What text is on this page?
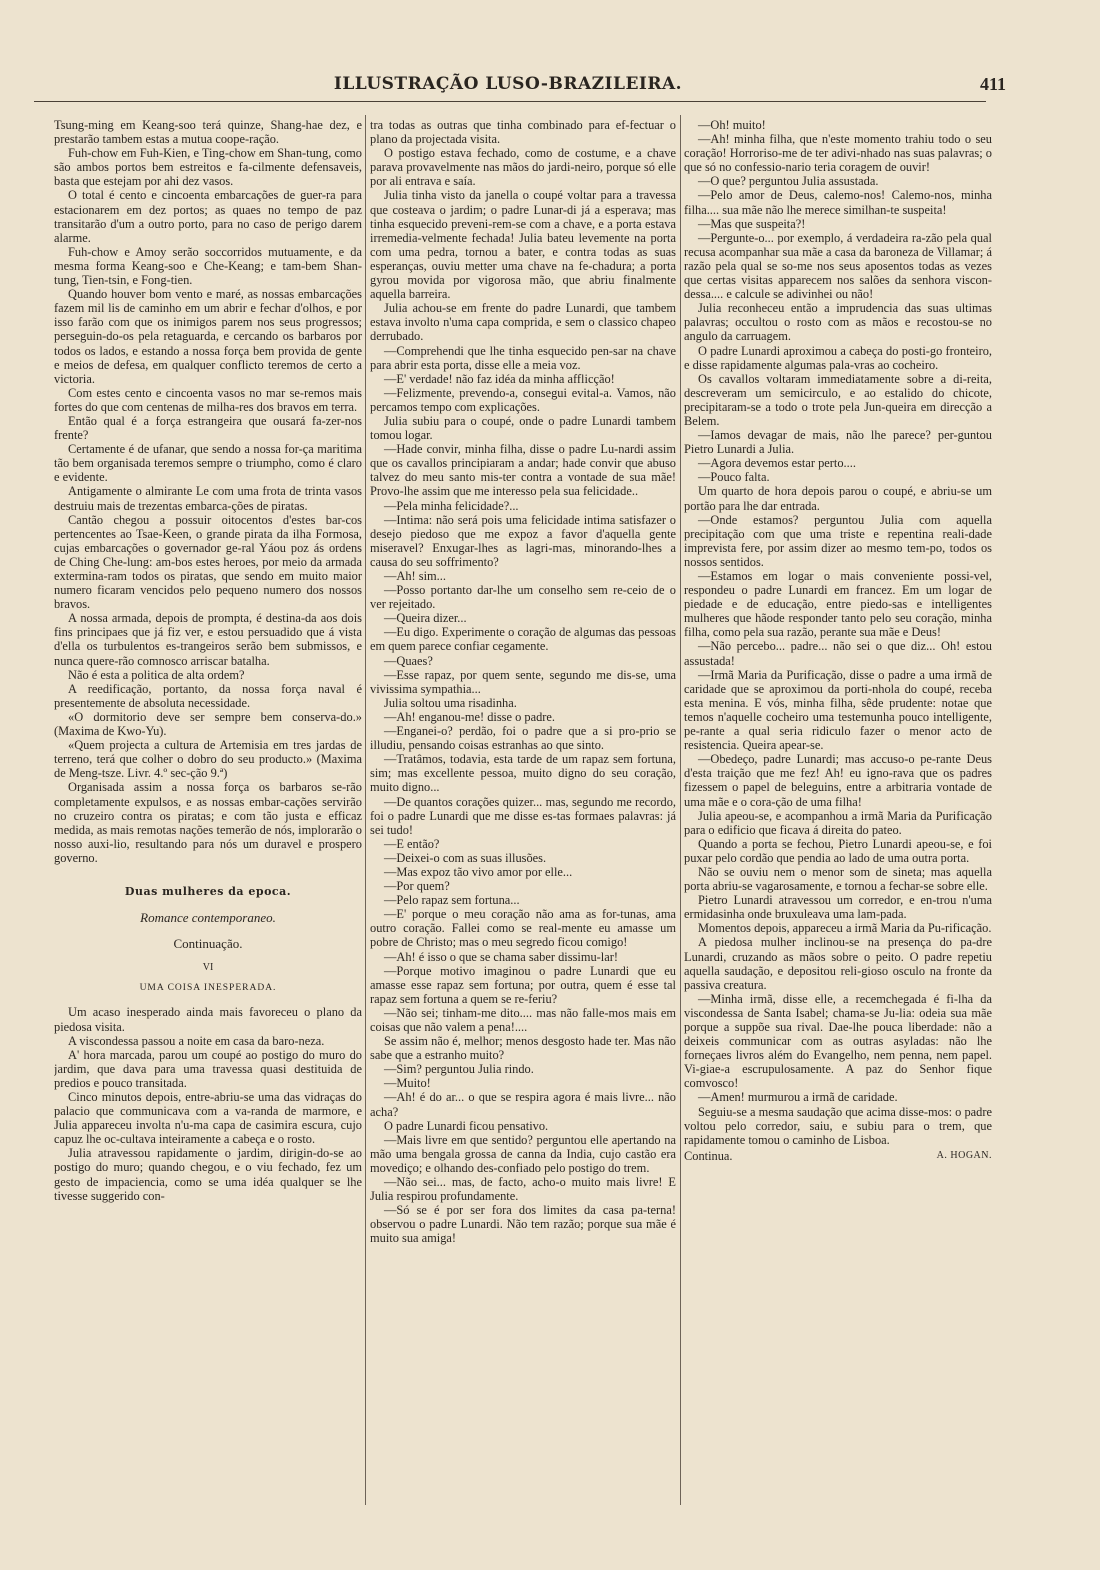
ILLUSTRAÇÃO LUSO-BRAZILEIRA.	411

Tsung-ming em Keang-soo terá quinze, Shang-hae dez, e prestarão tambem estas a mutua coope-ração.

Fuh-chow em Fuh-Kien, e Ting-chow em Shan-tung, como são ambos portos bem estreitos e fa-cilmente defensaveis, basta que estejam por ahi dez vasos.

O total é cento e cincoenta embarcações de guer-ra para estacionarem em dez portos; as quaes no tempo de paz transitarão d'um a outro porto, para no caso de perigo darem alarme.

Fuh-chow e Amoy serão soccorridos mutuamente, e da mesma forma Keang-soo e Che-Keang; e tam-bem Shan-tung, Tien-tsin, e Fong-tien.

Quando houver bom vento e maré, as nossas embarcações fazem mil lis de caminho em um abrir e fechar d'olhos, e por isso farão com que os inimigos parem nos seus progressos; perseguin-do-os pela retaguarda, e cercando os barbaros por todos os lados, e estando a nossa força bem provida de gente e meios de defesa, em qualquer conflicto teremos de certo a victoria.

Com estes cento e cincoenta vasos no mar se-remos mais fortes do que com centenas de milha-res dos bravos em terra.

Então qual é a força estrangeira que ousará fa-zer-nos frente?

Certamente é de ufanar, que sendo a nossa for-ça maritima tão bem organisada teremos sempre o triumpho, como é claro e evidente.

Antigamente o almirante Le com uma frota de trinta vasos destruiu mais de trezentas embarca-ções de piratas.

Cantão chegou a possuir oitocentos d'estes bar-cos pertencentes ao Tsae-Keen, o grande pirata da ilha Formosa, cujas embarcações o governador ge-ral Yáou poz ás ordens de Ching Che-lung: am-bos estes heroes, por meio da armada extermina-ram todos os piratas, que sendo em muito maior numero ficaram vencidos pelo pequeno numero dos nossos bravos.

A nossa armada, depois de prompta, é destina-da aos dois fins principaes que já fiz ver, e estou persuadido que á vista d'ella os turbulentos es-trangeiros serão bem submissos, e nunca quere-rão comnosco arriscar batalha.

Não é esta a politica de alta ordem?

A reedificação, portanto, da nossa força naval é presentemente de absoluta necessidade.

«O dormitorio deve ser sempre bem conserva-do.» (Maxima de Kwo-Yu).

«Quem projecta a cultura de Artemisia em tres jardas de terreno, terá que colher o dobro do seu producto.» (Maxima de Meng-tsze. Livr. 4.º sec-ção 9.ª)

Organisada assim a nossa força os barbaros se-rão completamente expulsos, e as nossas embar-cações servirão no cruzeiro contra os piratas; e com tão justa e efficaz medida, as mais remotas nações temerão de nós, implorarão o nosso auxi-lio, resultando para nós um duravel e prospero governo.

Duas mulheres da epoca.
Romance contemporaneo.
Continuação.
VI
UMA COISA INESPERADA.

Um acaso inesperado ainda mais favoreceu o plano da piedosa visita.

A viscondessa passou a noite em casa da baro-neza.

A' hora marcada, parou um coupé ao postigo do muro do jardim, que dava para uma travessa quasi destituida de predios e pouco transitada.

Cinco minutos depois, entre-abriu-se uma das vidraças do palacio que communicava com a va-randa de marmore, e Julia appareceu involta n'u-ma capa de casimira escura, cujo capuz lhe oc-cultava inteiramente a cabeça e o rosto.

Julia atravessou rapidamente o jardim, dirigin-do-se ao postigo do muro; quando chegou, e o viu fechado, fez um gesto de impaciencia, como se uma idéa qualquer se lhe tivesse suggerido con-

tra todas as outras que tinha combinado para ef-fectuar o plano da projectada visita.

O postigo estava fechado, como de costume, e a chave parava provavelmente nas mãos do jardi-neiro, porque só elle por ali entrava e saía.

Julia tinha visto da janella o coupé voltar para a travessa que costeava o jardim; o padre Lunar-di já a esperava; mas tinha esquecido preveni-rem-se com a chave, e a porta estava irremedia-velmente fechada! Julia bateu levemente na porta com uma pedra, tornou a bater, e contra todas as suas esperanças, ouviu metter uma chave na fe-chadura; a porta gyrou movida por vigorosa mão, que abriu finalmente aquella barreira.

Julia achou-se em frente do padre Lunardi, que tambem estava involto n'uma capa comprida, e sem o classico chapeo derrubado.

—Comprehendi que lhe tinha esquecido pen-sar na chave para abrir esta porta, disse elle a meia voz.

—E' verdade! não faz idéa da minha afflicção!

—Felizmente, prevendo-a, consegui evital-a. Vamos, não percamos tempo com explicações.

Julia subiu para o coupé, onde o padre Lunardi tambem tomou logar.

—Hade convir, minha filha, disse o padre Lu-nardi assim que os cavallos principiaram a andar; hade convir que abuso talvez do meu santo mis-ter contra a vontade de sua mãe! Provo-lhe assim que me interesso pela sua felicidade..

—Pela minha felicidade?...

—Intima: não será pois uma felicidade intima satisfazer o desejo piedoso que me expoz a favor d'aquella gente miseravel? Enxugar-lhes as lagri-mas, minorando-lhes a causa do seu soffrimento?

—Ah! sim...

—Posso portanto dar-lhe um conselho sem re-ceio de o ver rejeitado.

—Queira dizer...

—Eu digo. Experimente o coração de algumas das pessoas em quem parece confiar cegamente.

—Quaes?

—Esse rapaz, por quem sente, segundo me dis-se, uma vivissima sympathia...

Julia soltou uma risadinha.

—Ah! enganou-me! disse o padre.

—Enganei-o? perdão, foi o padre que a si pro-prio se illudiu, pensando coisas estranhas ao que sinto.

—Tratâmos, todavia, esta tarde de um rapaz sem fortuna, sim; mas excellente pessoa, muito digno do seu coração, muito digno...

—De quantos corações quizer... mas, segundo me recordo, foi o padre Lunardi que me disse es-tas formaes palavras: já sei tudo!

—E então?

—Deixei-o com as suas illusões.

—Mas expoz tão vivo amor por elle...

—Por quem?

—Pelo rapaz sem fortuna...

—E' porque o meu coração não ama as for-tunas, ama outro coração. Fallei como se real-mente eu amasse um pobre de Christo; mas o meu segredo ficou comigo!

—Ah! é isso o que se chama saber dissimu-lar!

—Porque motivo imaginou o padre Lunardi que eu amasse esse rapaz sem fortuna; por outra, quem é esse tal rapaz sem fortuna a quem se re-feriu?

—Não sei; tinham-me dito.... mas não falle-mos mais em coisas que não valem a pena!....

Se assim não é, melhor; menos desgosto hade ter. Mas não sabe que a estranho muito?

—Sim? perguntou Julia rindo.

—Muito!

—Ah! é do ar... o que se respira agora é mais livre... não acha?

O padre Lunardi ficou pensativo.

—Mais livre em que sentido? perguntou elle apertando na mão uma bengala grossa de canna da India, cujo castão era movediço; e olhando des-confiado pelo postigo do trem.

—Não sei... mas, de facto, acho-o muito mais livre! E Julia respirou profundamente.

—Só se é por ser fora dos limites da casa pa-terna! observou o padre Lunardi. Não tem razão; porque sua mãe é muito sua amiga!

—Oh! muito!

—Ah! minha filha, que n'este momento trahiu todo o seu coração! Horroriso-me de ter adivi-nhado nas suas palavras; o que só no confessio-nario teria coragem de ouvir!

—O que? perguntou Julia assustada.

—Pelo amor de Deus, calemo-nos! Calemo-nos, minha filha.... sua mãe não lhe merece similhan-te suspeita!

—Mas que suspeita?!

—Pergunte-o... por exemplo, á verdadeira ra-zão pela qual recusa acompanhar sua mãe a casa da baroneza de Villamar; á razão pela qual se so-me nos seus aposentos todas as vezes que certas visitas apparecem nos salões da senhora viscon-dessa.... e calcule se adivinhei ou não!

Julia reconheceu então a imprudencia das suas ultimas palavras; occultou o rosto com as mãos e recostou-se no angulo da carruagem.

O padre Lunardi aproximou a cabeça do posti-go fronteiro, e disse rapidamente algumas pala-vras ao cocheiro.

Os cavallos voltaram immediatamente sobre a di-reita, descreveram um semicirculo, e ao estalido do chicote, precipitaram-se a todo o trote pela Jun-queira em direcção a Belem.

—Iamos devagar de mais, não lhe parece? per-guntou Pietro Lunardi a Julia.

—Agora devemos estar perto....

—Pouco falta.

Um quarto de hora depois parou o coupé, e abriu-se um portão para lhe dar entrada.

—Onde estamos? perguntou Julia com aquella precipitação com que uma triste e repentina reali-dade imprevista fere, por assim dizer ao mesmo tem-po, todos os nossos sentidos.

—Estamos em logar o mais conveniente possi-vel, respondeu o padre Lunardi em francez. Em um logar de piedade e de educação, entre piedo-sas e intelligentes mulheres que hãode responder tanto pelo seu coração, minha filha, como pela sua razão, perante sua mãe e Deus!

—Não percebo... padre... não sei o que diz... Oh! estou assustada!

—Irmã Maria da Purificação, disse o padre a uma irmã de caridade que se aproximou da porti-nhola do coupé, receba esta menina. E vós, minha filha, sêde prudente: notae que temos n'aquelle cocheiro uma testemunha pouco intelligente, pe-rante a qual seria ridiculo fazer o menor acto de resistencia. Queira apear-se.

—Obedeço, padre Lunardi; mas accuso-o pe-rante Deus d'esta traição que me fez! Ah! eu igno-rava que os padres fizessem o papel de beleguins, entre a arbitraria vontade de uma mãe e o cora-ção de uma filha!

Julia apeou-se, e acompanhou a irmã Maria da Purificação para o edificio que ficava á direita do pateo.

Quando a porta se fechou, Pietro Lunardi apeou-se, e foi puxar pelo cordão que pendia ao lado de uma outra porta.

Não se ouviu nem o menor som de sineta; mas aquella porta abriu-se vagarosamente, e tornou a fechar-se sobre elle.

Pietro Lunardi atravessou um corredor, e en-trou n'uma ermidasinha onde bruxuleava uma lam-pada.

Momentos depois, appareceu a irmã Maria da Pu-rificação.

A piedosa mulher inclinou-se na presença do pa-dre Lunardi, cruzando as mãos sobre o peito. O padre repetiu aquella saudação, e depositou reli-gioso osculo na fronte da passiva creatura.

—Minha irmã, disse elle, a recemchegada é fi-lha da viscondessa de Santa Isabel; chama-se Ju-lia: odeia sua mãe porque a suppõe sua rival. Dae-lhe pouca liberdade: não a deixeis communicar com as outras asyladas: não lhe forneçaes livros além do Evangelho, nem penna, nem papel. Vi-giae-a escrupulosamente. A paz do Senhor fique comvosco!

—Amen! murmurou a irmã de caridade.

Seguiu-se a mesma saudação que acima disse-mos: o padre voltou pelo corredor, saiu, e subiu para o trem, que rapidamente tomou o caminho de Lisboa.

Continua.	A. HOGAN.
